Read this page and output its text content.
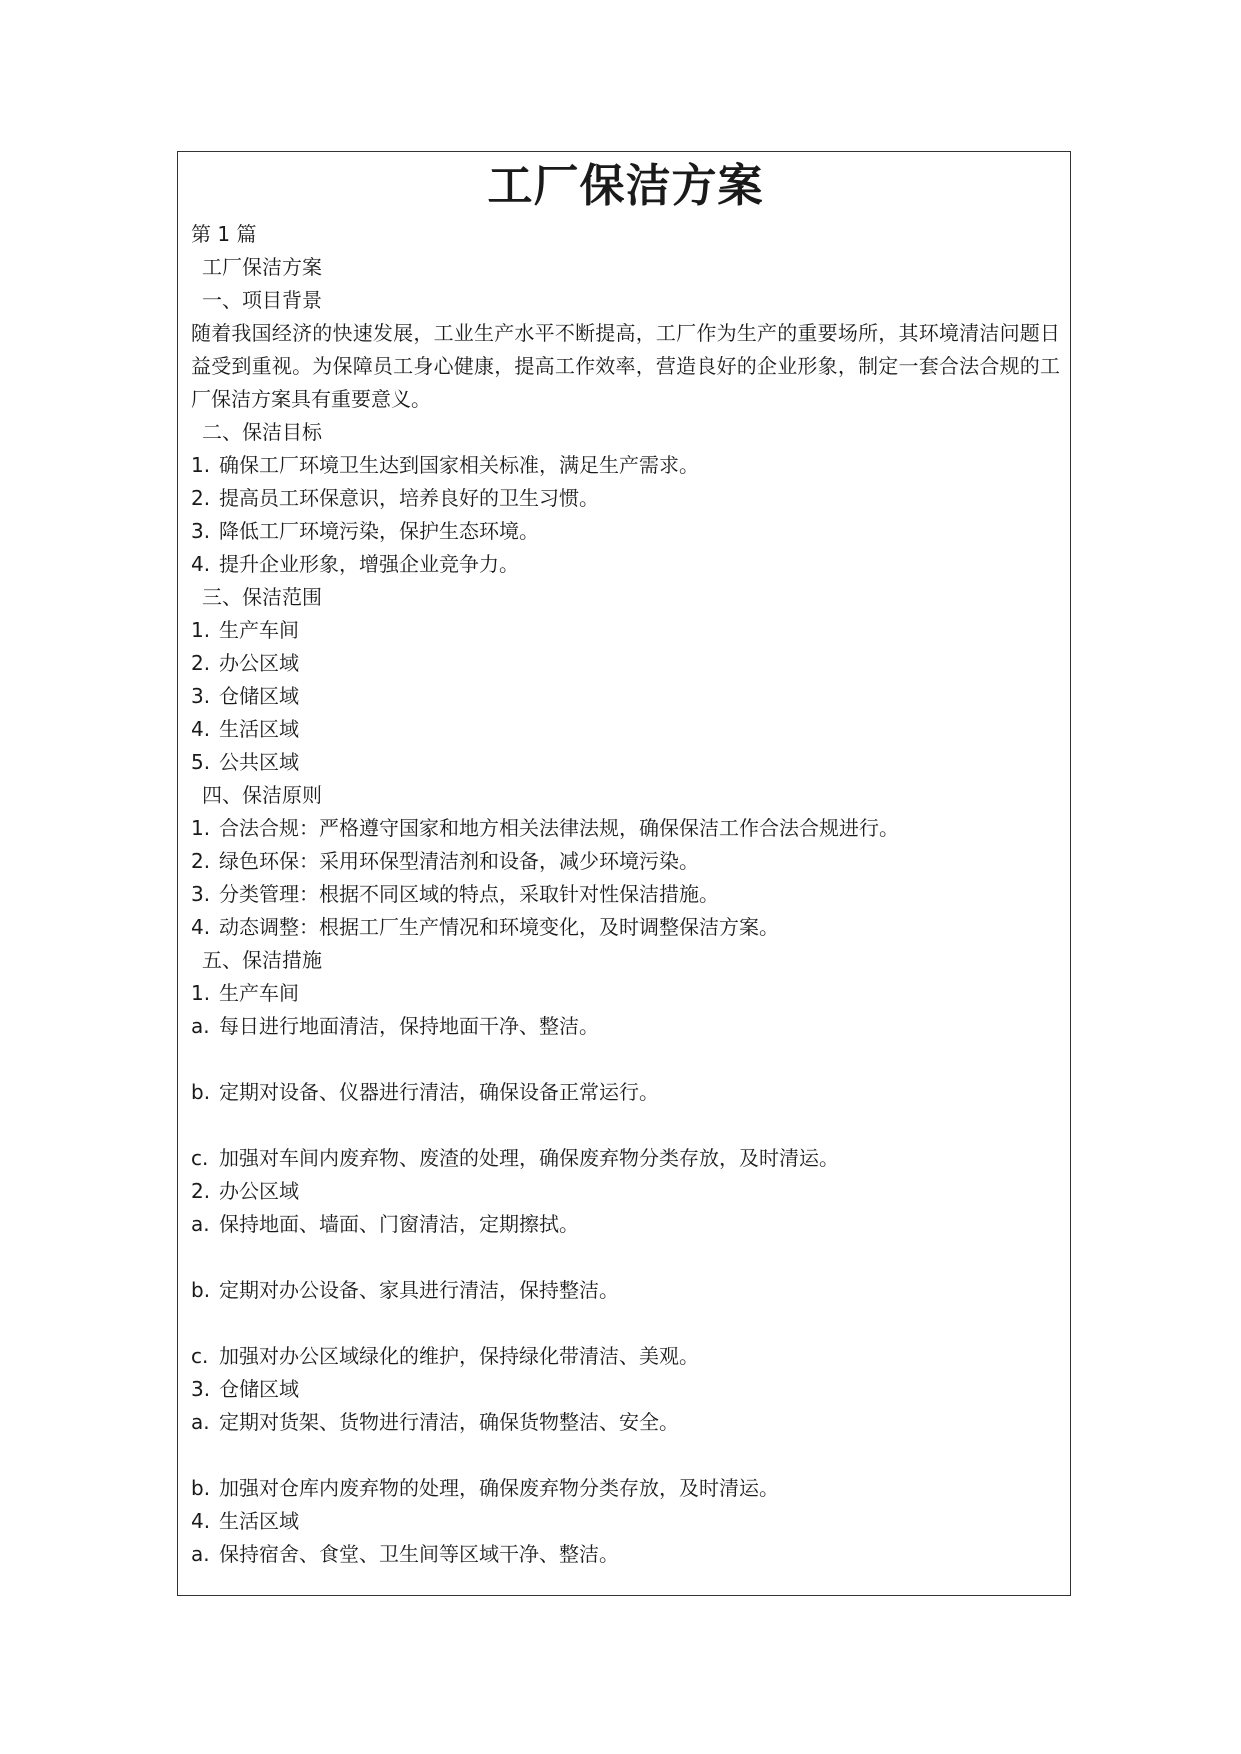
工厂保洁方案
第 1 篇
工厂保洁方案
一、项目背景

随着我国经济的快速发展，工业生产水平不断提高，工厂作为生产的重要场所，其环境清洁问题日益受到重视。为保障员工身心健康，提高工作效率，营造良好的企业形象，制定一套合法合规的工厂保洁方案具有重要意义。

二、保洁目标
1. 确保工厂环境卫生达到国家相关标准，满足生产需求。
2. 提高员工环保意识，培养良好的卫生习惯。
3. 降低工厂环境污染，保护生态环境。
4. 提升企业形象，增强企业竞争力。
三、保洁范围
1. 生产车间
2. 办公区域
3. 仓储区域
4. 生活区域
5. 公共区域
四、保洁原则
1. 合法合规：严格遵守国家和地方相关法律法规，确保保洁工作合法合规进行。
2. 绿色环保：采用环保型清洁剂和设备，减少环境污染。
3. 分类管理：根据不同区域的特点，采取针对性保洁措施。
4. 动态调整：根据工厂生产情况和环境变化，及时调整保洁方案。
五、保洁措施
1. 生产车间
a. 每日进行地面清洁，保持地面干净、整洁。
b. 定期对设备、仪器进行清洁，确保设备正常运行。
c. 加强对车间内废弃物、废渣的处理，确保废弃物分类存放，及时清运。
2. 办公区域
a. 保持地面、墙面、门窗清洁，定期擦拭。
b. 定期对办公设备、家具进行清洁，保持整洁。
c. 加强对办公区域绿化的维护，保持绿化带清洁、美观。
3. 仓储区域
a. 定期对货架、货物进行清洁，确保货物整洁、安全。
b. 加强对仓库内废弃物的处理，确保废弃物分类存放，及时清运。
4. 生活区域
a. 保持宿舍、食堂、卫生间等区域干净、整洁。
